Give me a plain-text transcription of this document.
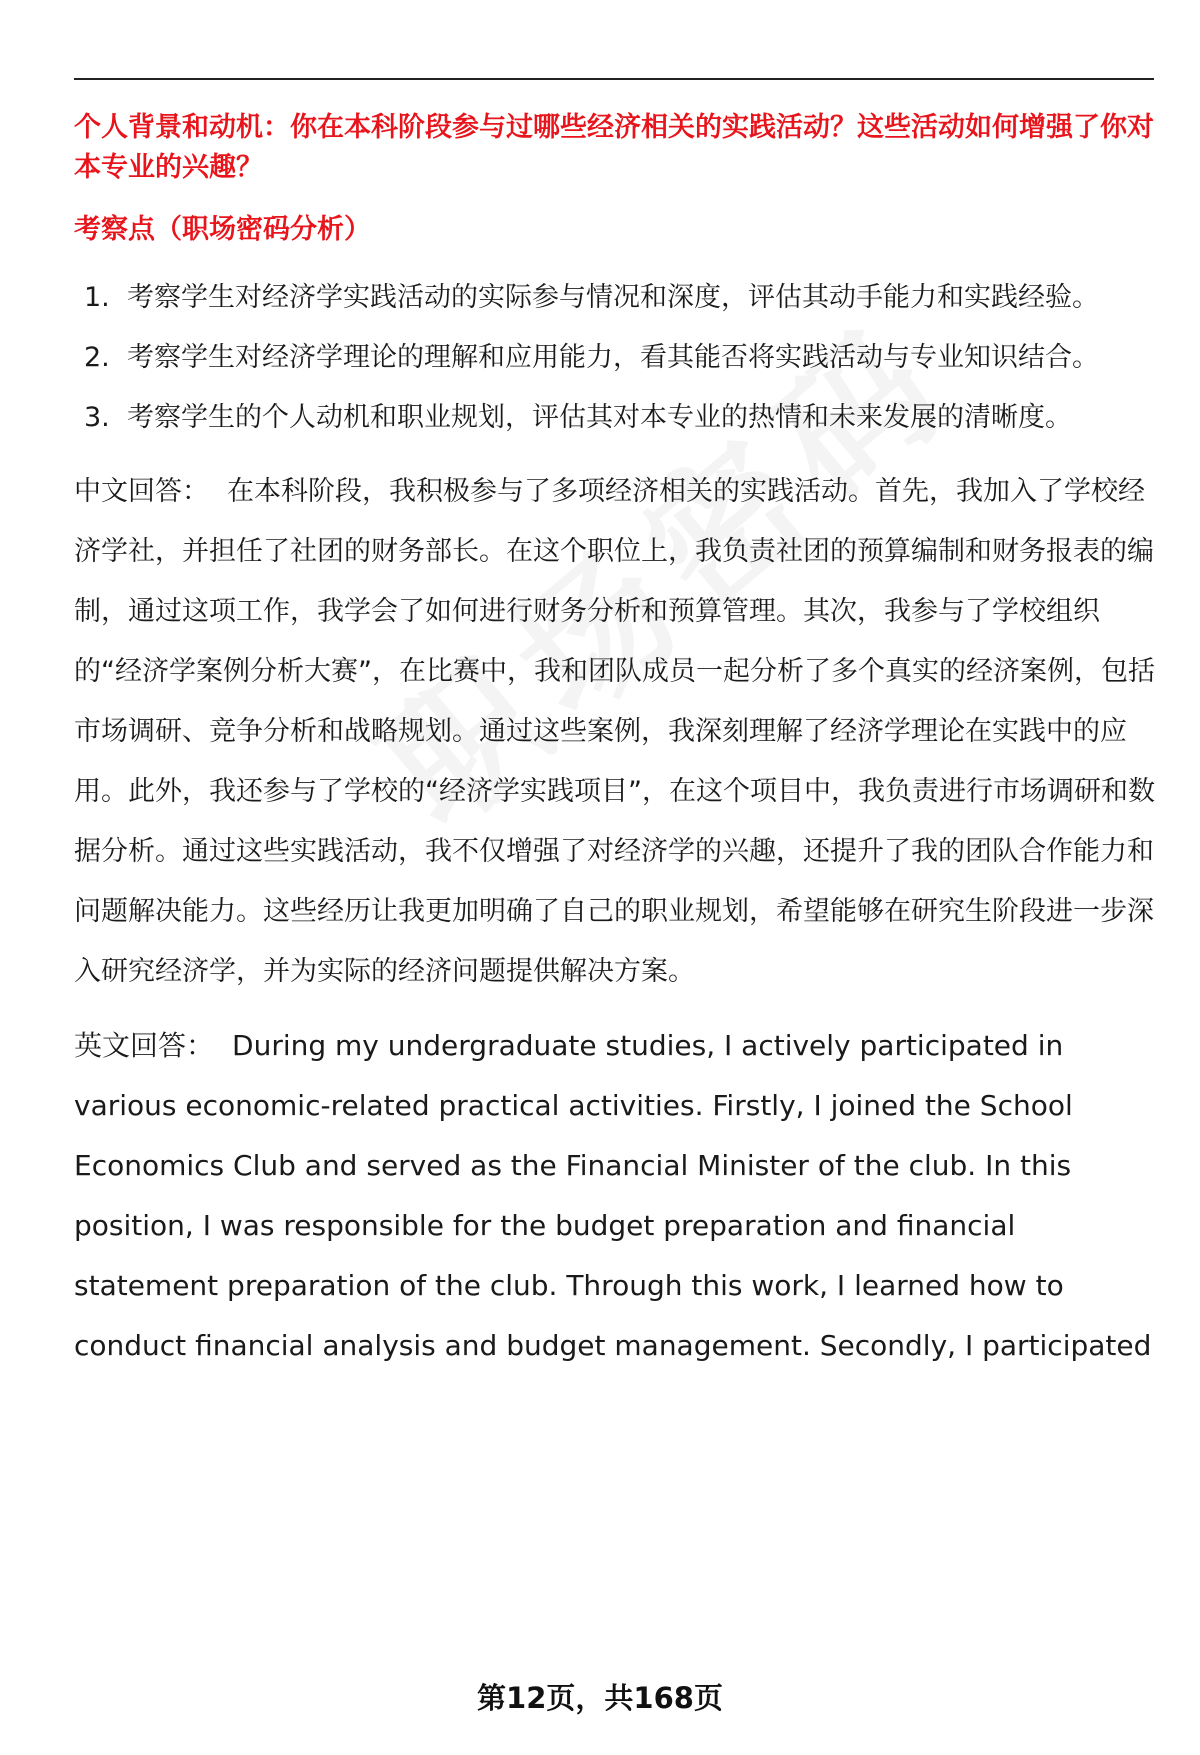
个人背景和动机：你在本科阶段参与过哪些经济相关的实践活动？这些活动如何增强了你对本专业的兴趣？

考察点（职场密码分析）

1. 考察学生对经济学实践活动的实际参与情况和深度，评估其动手能力和实践经验。
2. 考察学生对经济学理论的理解和应用能力，看其能否将实践活动与专业知识结合。
3. 考察学生的个人动机和职业规划，评估其对本专业的热情和未来发展的清晰度。

中文回答： 在本科阶段，我积极参与了多项经济相关的实践活动。首先，我加入了学校经济学社，并担任了社团的财务部长。在这个职位上，我负责社团的预算编制和财务报表的编制，通过这项工作，我学会了如何进行财务分析和预算管理。其次，我参与了学校组织的“经济学案例分析大赛”，在比赛中，我和团队成员一起分析了多个真实的经济案例，包括市场调研、竞争分析和战略规划。通过这些案例，我深刻理解了经济学理论在实践中的应用。此外，我还参与了学校的“经济学实践项目”，在这个项目中，我负责进行市场调研和数据分析。通过这些实践活动，我不仅增强了对经济学的兴趣，还提升了我的团队合作能力和问题解决能力。这些经历让我更加明确了自己的职业规划，希望能够在研究生阶段进一步深入研究经济学，并为实际的经济问题提供解决方案。

英文回答： During my undergraduate studies, I actively participated in various economic-related practical activities. Firstly, I joined the School Economics Club and served as the Financial Minister of the club. In this position, I was responsible for the budget preparation and financial statement preparation of the club. Through this work, I learned how to conduct financial analysis and budget management. Secondly, I participated

第12页，共168页
